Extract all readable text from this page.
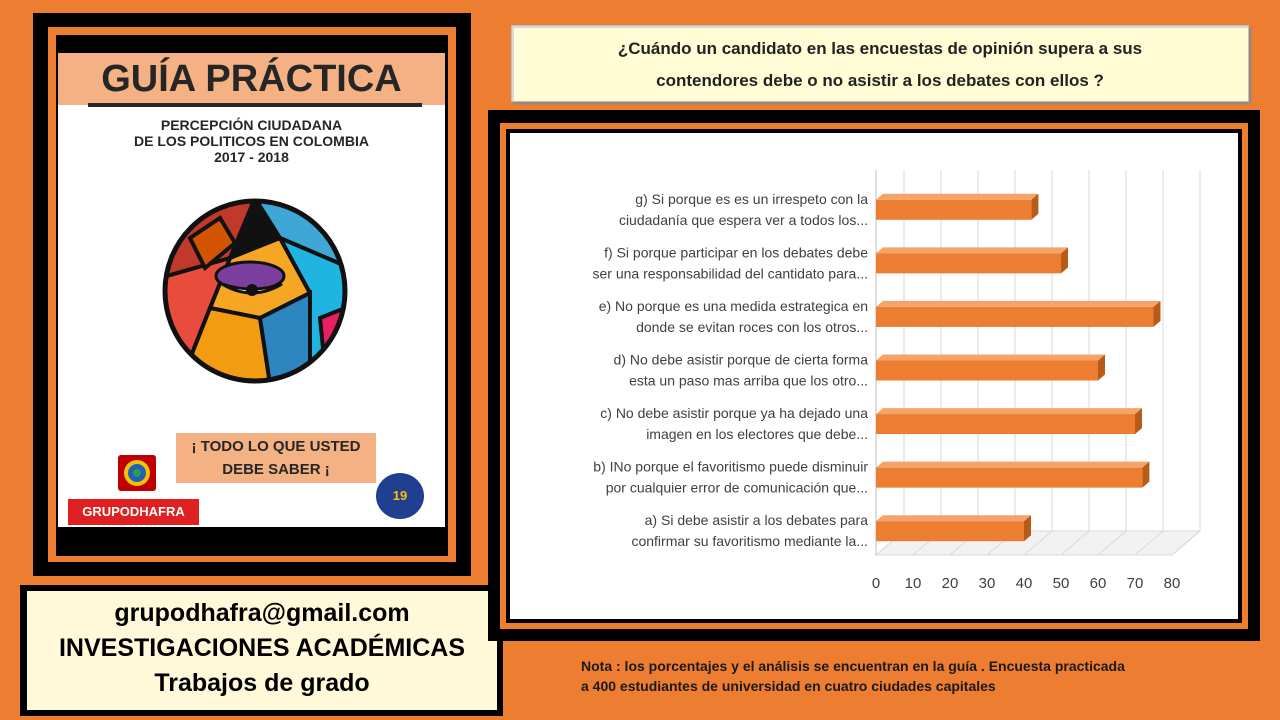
GUÍA PRÁCTICA
PERCEPCIÓN CIUDADANA
DE LOS POLITICOS EN COLOMBIA
2017 - 2018
¡ TODO LO QUE USTED
DEBE SABER ¡
19
GRUPODHAFRA
grupodhafra@gmail.com
INVESTIGACIONES ACADÉMICAS
Trabajos de grado
¿Cuándo un candidato en las encuestas de opinión supera a sus
contendores debe o no asistir a los debates con ellos ?
0 10 20 30 40 50 60 70 80
g) Si porque es es un irrespeto con la
ciudadanía que espera ver a todos los...
f) Si porque participar en los debates debe
ser una responsabilidad del cantidato para...
e) No porque es una medida estrategica en
donde se evitan roces con los otros...
d) No debe asistir porque de cierta forma
esta un paso mas arriba que los otro...
c) No debe asistir porque ya ha dejado una
imagen en los electores que debe...
b) INo porque el favoritismo puede disminuir
por cualquier error de comunicación que...
a) Si debe asistir a los debates para
confirmar su favoritismo mediante la...
Nota : los porcentajes y el análisis se encuentran en la guía . Encuesta practicada
a 400 estudiantes de universidad en cuatro ciudades capitales
